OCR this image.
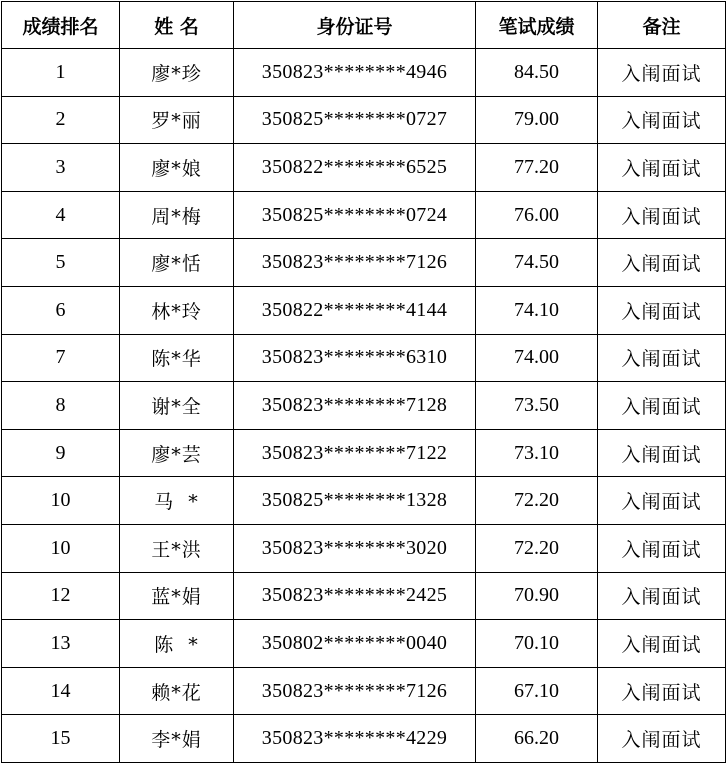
成绩排名	姓 名	身份证号	笔试成绩	备注
1	廖*珍	350823********4946	84.50	入闱面试
2	罗*丽	350825********0727	79.00	入闱面试
3	廖*娘	350822********6525	77.20	入闱面试
4	周*梅	350825********0724	76.00	入闱面试
5	廖*恬	350823********7126	74.50	入闱面试
6	林*玲	350822********4144	74.10	入闱面试
7	陈*华	350823********6310	74.00	入闱面试
8	谢*全	350823********7128	73.50	入闱面试
9	廖*芸	350823********7122	73.10	入闱面试
10	马  *	350825********1328	72.20	入闱面试
10	王*洪	350823********3020	72.20	入闱面试
12	蓝*娟	350823********2425	70.90	入闱面试
13	陈  *	350802********0040	70.10	入闱面试
14	赖*花	350823********7126	67.10	入闱面试
15	李*娟	350823********4229	66.20	入闱面试
